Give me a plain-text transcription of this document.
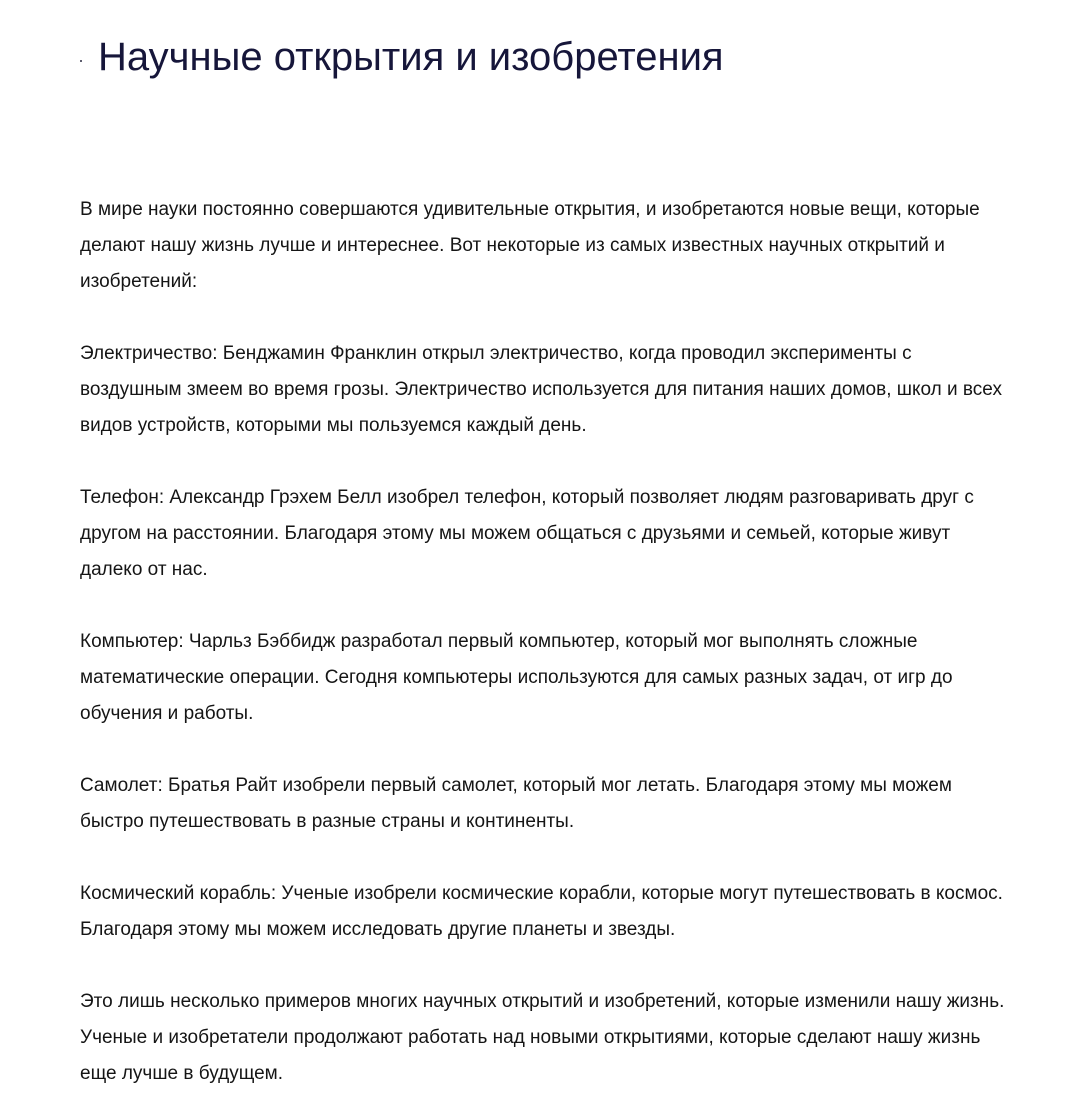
Научные открытия и изобретения

В мире науки постоянно совершаются удивительные открытия, и изобретаются новые вещи, которые делают нашу жизнь лучше и интереснее. Вот некоторые из самых известных научных открытий и изобретений:

Электричество: Бенджамин Франклин открыл электричество, когда проводил эксперименты с воздушным змеем во время грозы. Электричество используется для питания наших домов, школ и всех видов устройств, которыми мы пользуемся каждый день.

Телефон: Александр Грэхем Белл изобрел телефон, который позволяет людям разговаривать друг с другом на расстоянии. Благодаря этому мы можем общаться с друзьями и семьей, которые живут далеко от нас.

Компьютер: Чарльз Бэббидж разработал первый компьютер, который мог выполнять сложные математические операции. Сегодня компьютеры используются для самых разных задач, от игр до обучения и работы.

Самолет: Братья Райт изобрели первый самолет, который мог летать. Благодаря этому мы можем быстро путешествовать в разные страны и континенты.

Космический корабль: Ученые изобрели космические корабли, которые могут путешествовать в космос. Благодаря этому мы можем исследовать другие планеты и звезды.

Это лишь несколько примеров многих научных открытий и изобретений, которые изменили нашу жизнь. Ученые и изобретатели продолжают работать над новыми открытиями, которые сделают нашу жизнь еще лучше в будущем.
